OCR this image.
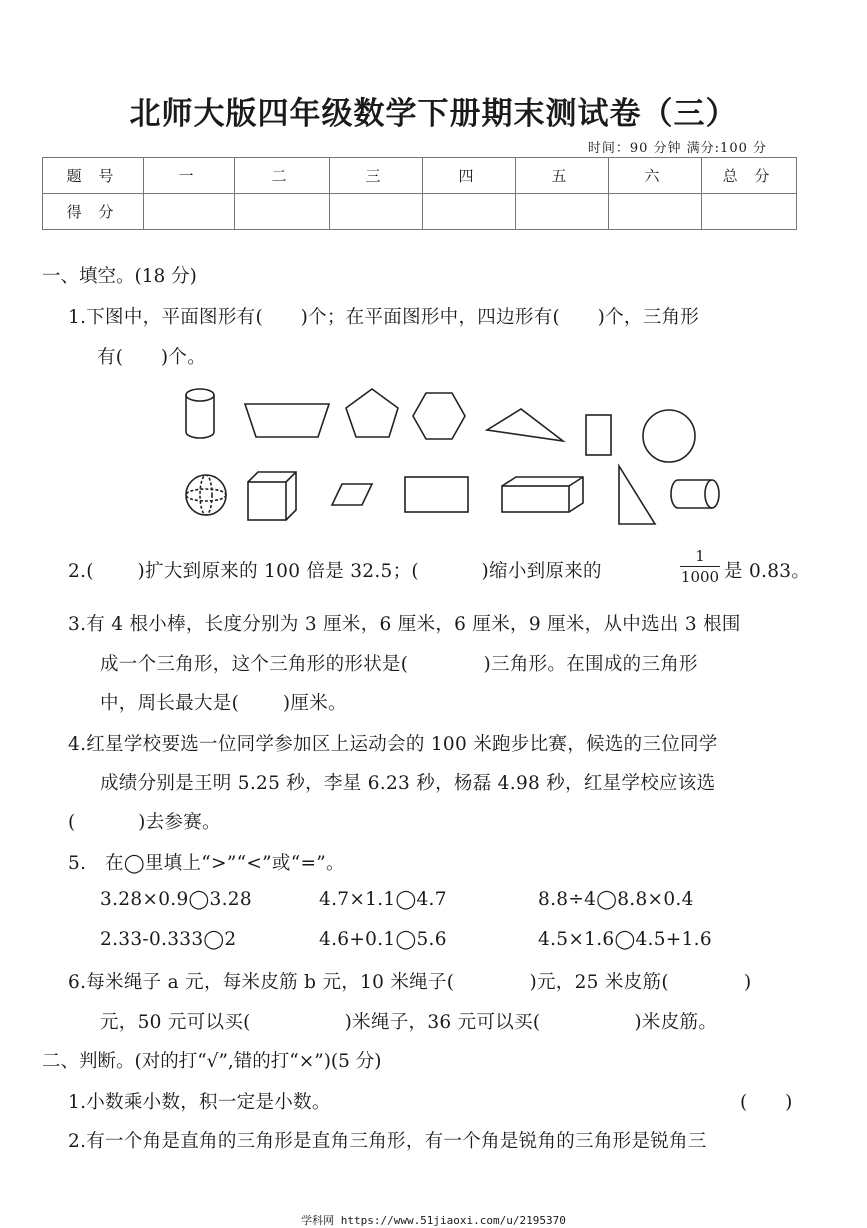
北师大版四年级数学下册期末测试卷（三）
时间：90 分钟 满分:100 分
题 号	一	二	三	四	五	六	总 分
得 分							
一、填空。(18 分)
1.下图中，平面图形有(　　)个；在平面图形中，四边形有(　　)个，三角形
有(　　)个。
2.(　　 )扩大到原来的 100 倍是 32.5；(　　　 )缩小到原来的	$\frac{1}{1000}$ 是 0.83。
3.有 4 根小棒，长度分别为 3 厘米，6 厘米，6 厘米，9 厘米，从中选出 3 根围
成一个三角形，这个三角形的形状是(　　　　)三角形。在围成的三角形
中，周长最大是(　　 )厘米。
4.红星学校要选一位同学参加区上运动会的 100 米跑步比赛，候选的三位同学
成绩分别是王明 5.25 秒，李星 6.23 秒，杨磊 4.98 秒，红星学校应该选
(　　　 )去参赛。
5.　在◯里填上“>”“<”或“=”。
3.28×0.9◯3.28	4.7×1.1◯4.7	8.8÷4◯8.8×0.4
2.33-0.333◯2	4.6+0.1◯5.6	4.5×1.6◯4.5+1.6
6.每米绳子 a 元，每米皮筋 b 元，10 米绳子(　　　　)元，25 米皮筋(　　　　)
元，50 元可以买(　　　　　)米绳子，36 元可以买(　　　　　)米皮筋。
二、判断。(对的打“√”,错的打“×”)(5 分)
1.小数乘小数，积一定是小数。	(　　)
2.有一个角是直角的三角形是直角三角形，有一个角是锐角的三角形是锐角三
学科网 https://www.51jiaoxi.com/u/2195370
